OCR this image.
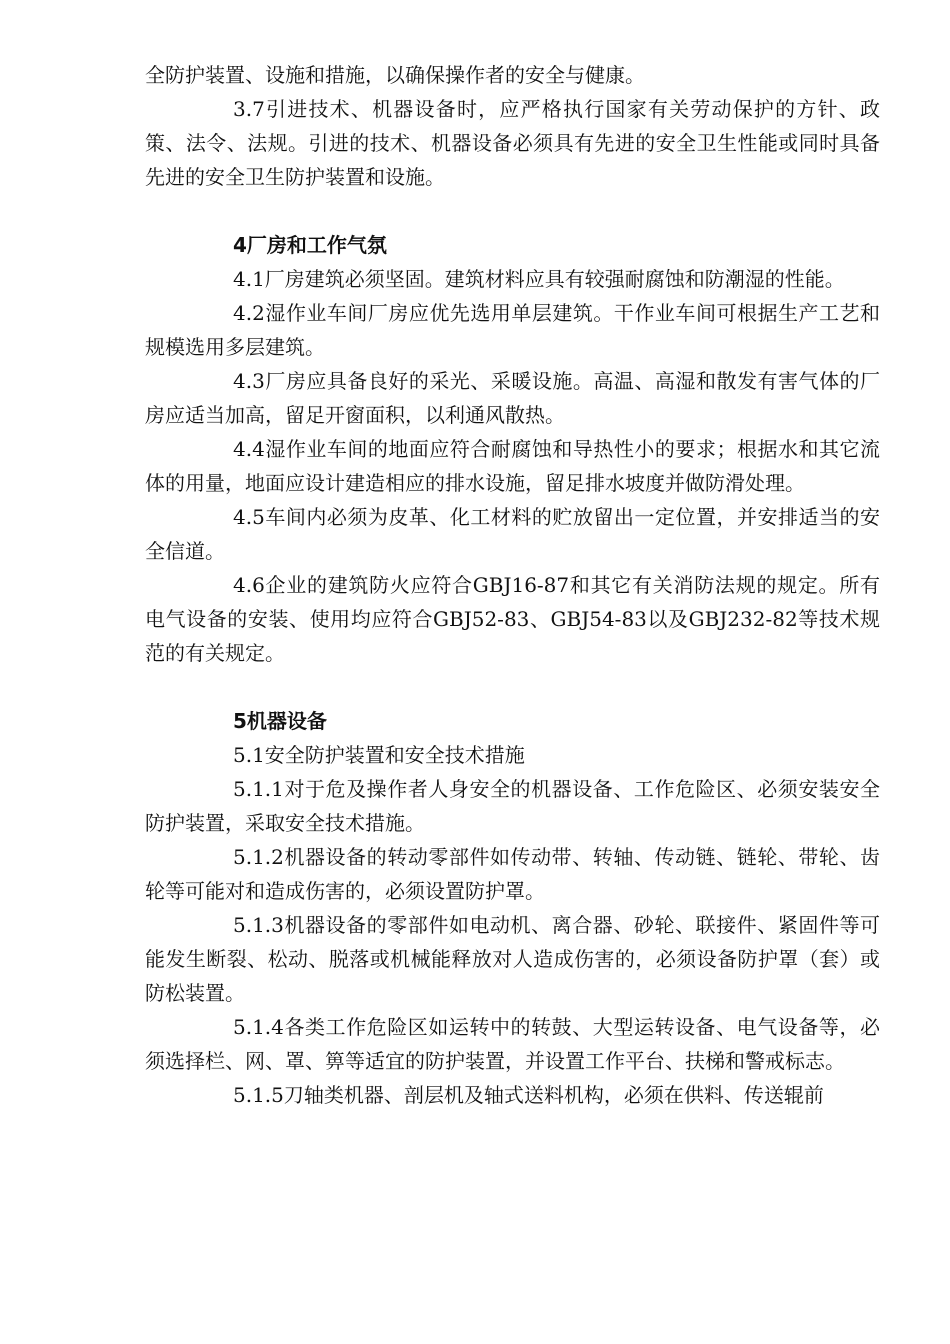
全防护装置、设施和措施，以确保操作者的安全与健康。

3.7引进技术、机器设备时，应严格执行国家有关劳动保护的方针、政策、法令、法规。引进的技术、机器设备必须具有先进的安全卫生性能或同时具备先进的安全卫生防护装置和设施。

4厂房和工作气氛

4.1厂房建筑必须坚固。建筑材料应具有较强耐腐蚀和防潮湿的性能。

4.2湿作业车间厂房应优先选用单层建筑。干作业车间可根据生产工艺和规模选用多层建筑。

4.3厂房应具备良好的采光、采暖设施。高温、高湿和散发有害气体的厂房应适当加高，留足开窗面积，以利通风散热。

4.4湿作业车间的地面应符合耐腐蚀和导热性小的要求；根据水和其它流体的用量，地面应设计建造相应的排水设施，留足排水坡度并做防滑处理。

4.5车间内必须为皮革、化工材料的贮放留出一定位置，并安排适当的安全信道。

4.6企业的建筑防火应符合GBJ16-87和其它有关消防法规的规定。所有电气设备的安装、使用均应符合GBJ52-83、GBJ54-83以及GBJ232-82等技术规范的有关规定。

5机器设备

5.1安全防护装置和安全技术措施

5.1.1对于危及操作者人身安全的机器设备、工作危险区、必须安装安全防护装置，采取安全技术措施。

5.1.2机器设备的转动零部件如传动带、转轴、传动链、链轮、带轮、齿轮等可能对和造成伤害的，必须设置防护罩。

5.1.3机器设备的零部件如电动机、离合器、砂轮、联接件、紧固件等可能发生断裂、松动、脱落或机械能释放对人造成伤害的，必须设备防护罩（套）或防松装置。

5.1.4各类工作危险区如运转中的转鼓、大型运转设备、电气设备等，必须选择栏、网、罩、箅等适宜的防护装置，并设置工作平台、扶梯和警戒标志。

5.1.5刀轴类机器、剖层机及轴式送料机构，必须在供料、传送辊前
